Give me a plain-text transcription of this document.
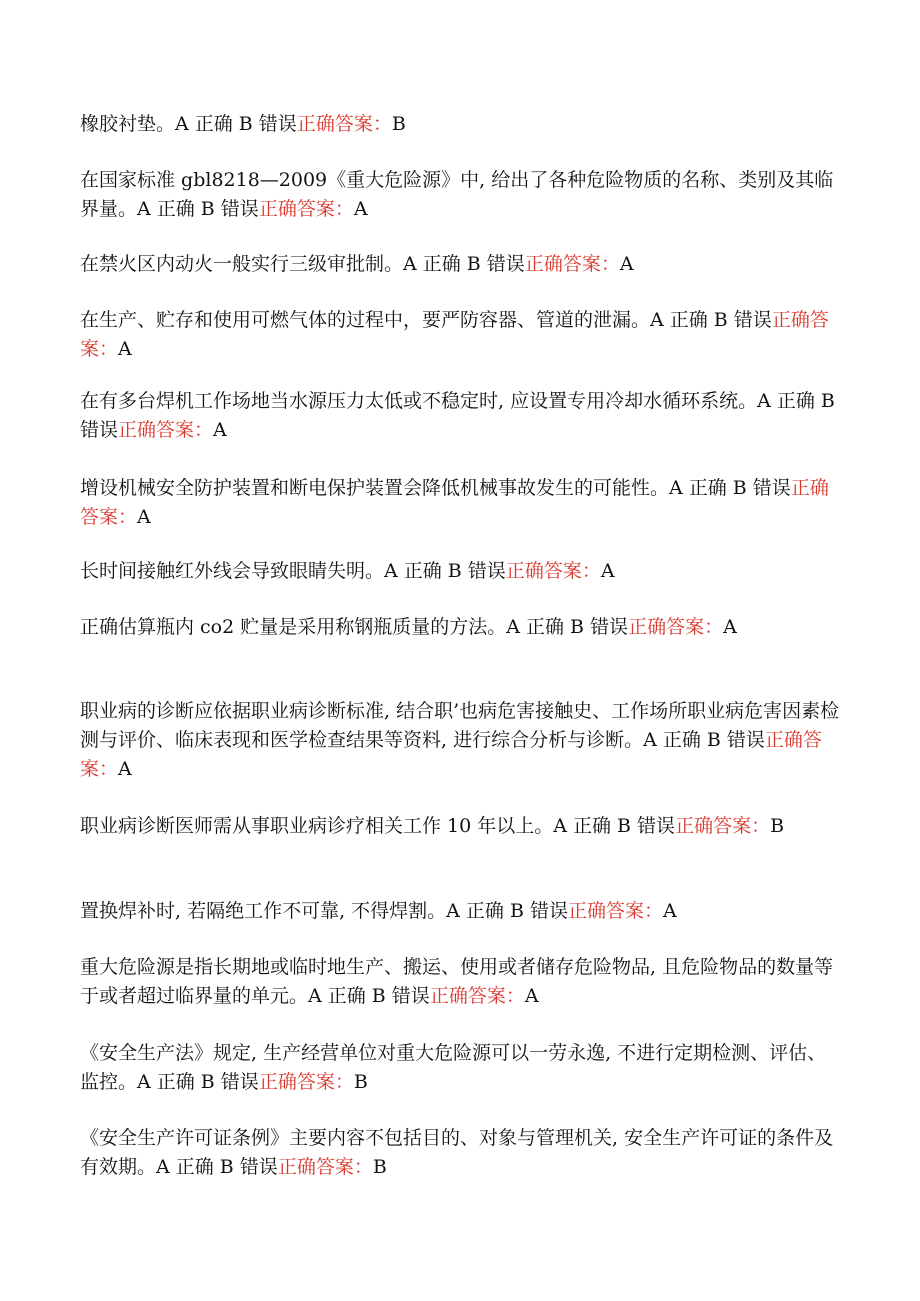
橡胶衬垫。A 正确 B 错误正确答案：B

在国家标准 gbl8218—2009《重大危险源》中, 给出了各种危险物质的名称、类别及其临界量。A 正确 B 错误正确答案：A

在禁火区内动火一般实行三级审批制。A 正确 B 错误正确答案：A

在生产、贮存和使用可燃气体的过程中，要严防容器、管道的泄漏。A 正确 B 错误正确答案：A

在有多台焊机工作场地当水源压力太低或不稳定时, 应设置专用冷却水循环系统。A 正确 B 错误正确答案：A

增设机械安全防护装置和断电保护装置会降低机械事故发生的可能性。A 正确 B 错误正确答案：A

长时间接触红外线会导致眼睛失明。A 正确 B 错误正确答案：A

正确估算瓶内 co2 贮量是采用称钢瓶质量的方法。A 正确 B 错误正确答案：A

职业病的诊断应依据职业病诊断标准, 结合职’也病危害接触史、工作场所职业病危害因素检测与评价、临床表现和医学检查结果等资料, 进行综合分析与诊断。A 正确 B 错误正确答案：A

职业病诊断医师需从事职业病诊疗相关工作 10 年以上。A 正确 B 错误正确答案：B

置换焊补时, 若隔绝工作不可靠, 不得焊割。A 正确 B 错误正确答案：A

重大危险源是指长期地或临时地生产、搬运、使用或者储存危险物品, 且危险物品的数量等于或者超过临界量的单元。A 正确 B 错误正确答案：A

《安全生产法》规定, 生产经营单位对重大危险源可以一劳永逸, 不进行定期检测、评估、监控。A 正确 B 错误正确答案：B

《安全生产许可证条例》主要内容不包括目的、对象与管理机关, 安全生产许可证的条件及有效期。A 正确 B 错误正确答案：B
